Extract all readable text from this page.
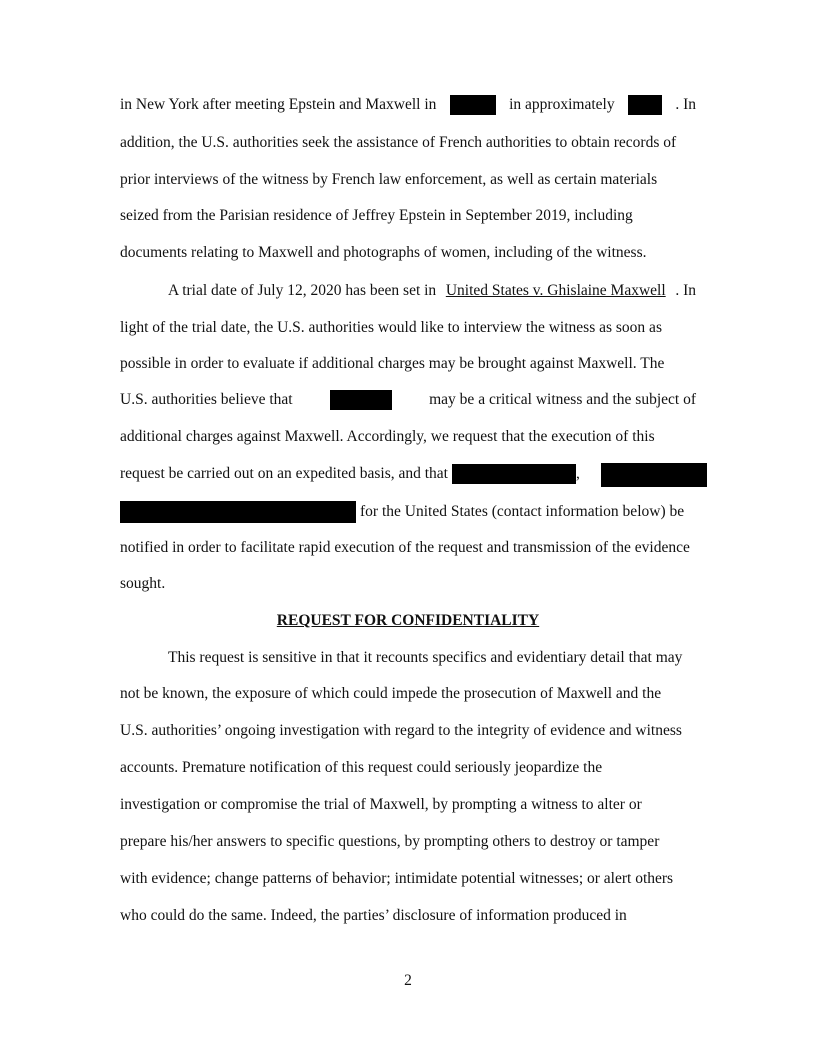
in New York after meeting Epstein and Maxwell in	in approximately	. In
addition, the U.S. authorities seek the assistance of French authorities to obtain records of
prior interviews of the witness by French law enforcement, as well as certain materials
seized from the Parisian residence of Jeffrey Epstein in September 2019, including
documents relating to Maxwell and photographs of women, including of the witness.
A trial date of July 12, 2020 has been set in United States v. Ghislaine Maxwell . In
light of the trial date, the U.S. authorities would like to interview the witness as soon as
possible in order to evaluate if additional charges may be brought against Maxwell. The
U.S. authorities believe that	may be a critical witness and the subject of
additional charges against Maxwell. Accordingly, we request that the execution of this
request be carried out on an expedited basis, and that	,
for the United States (contact information below) be
notified in order to facilitate rapid execution of the request and transmission of the evidence
sought.
REQUEST FOR CONFIDENTIALITY
This request is sensitive in that it recounts specifics and evidentiary detail that may
not be known, the exposure of which could impede the prosecution of Maxwell and the
U.S. authorities’ ongoing investigation with regard to the integrity of evidence and witness
accounts. Premature notification of this request could seriously jeopardize the
investigation or compromise the trial of Maxwell, by prompting a witness to alter or
prepare his/her answers to specific questions, by prompting others to destroy or tamper
with evidence; change patterns of behavior; intimidate potential witnesses; or alert others
who could do the same. Indeed, the parties’ disclosure of information produced in
2
